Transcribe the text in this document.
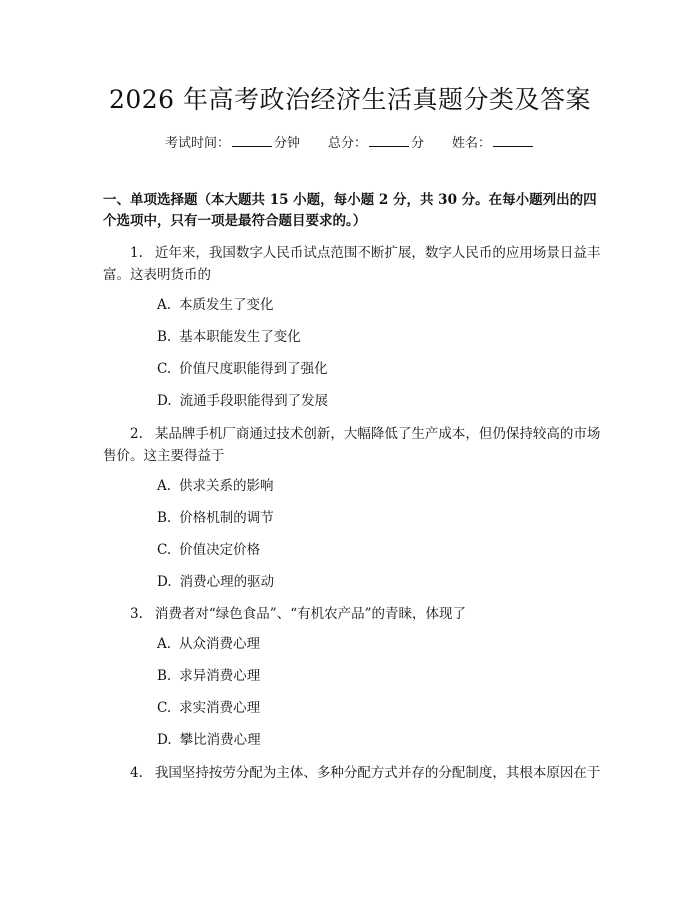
2026 年高考政治经济生活真题分类及答案
考试时间：	分钟 总分：	分 姓名：
一、单项选择题（本大题共 15 小题，每小题 2 分，共 30 分。在每小题列出的四个选项中，只有一项是最符合题目要求的。）
1. 近年来，我国数字人民币试点范围不断扩展，数字人民币的应用场景日益丰富。这表明货币的
A. 本质发生了变化
B. 基本职能发生了变化
C. 价值尺度职能得到了强化
D. 流通手段职能得到了发展
2. 某品牌手机厂商通过技术创新，大幅降低了生产成本，但仍保持较高的市场售价。这主要得益于
A. 供求关系的影响
B. 价格机制的调节
C. 价值决定价格
D. 消费心理的驱动
3. 消费者对“绿色食品”、“有机农产品”的青睐，体现了
A. 从众消费心理
B. 求异消费心理
C. 求实消费心理
D. 攀比消费心理
4. 我国坚持按劳分配为主体、多种分配方式并存的分配制度，其根本原因在于
